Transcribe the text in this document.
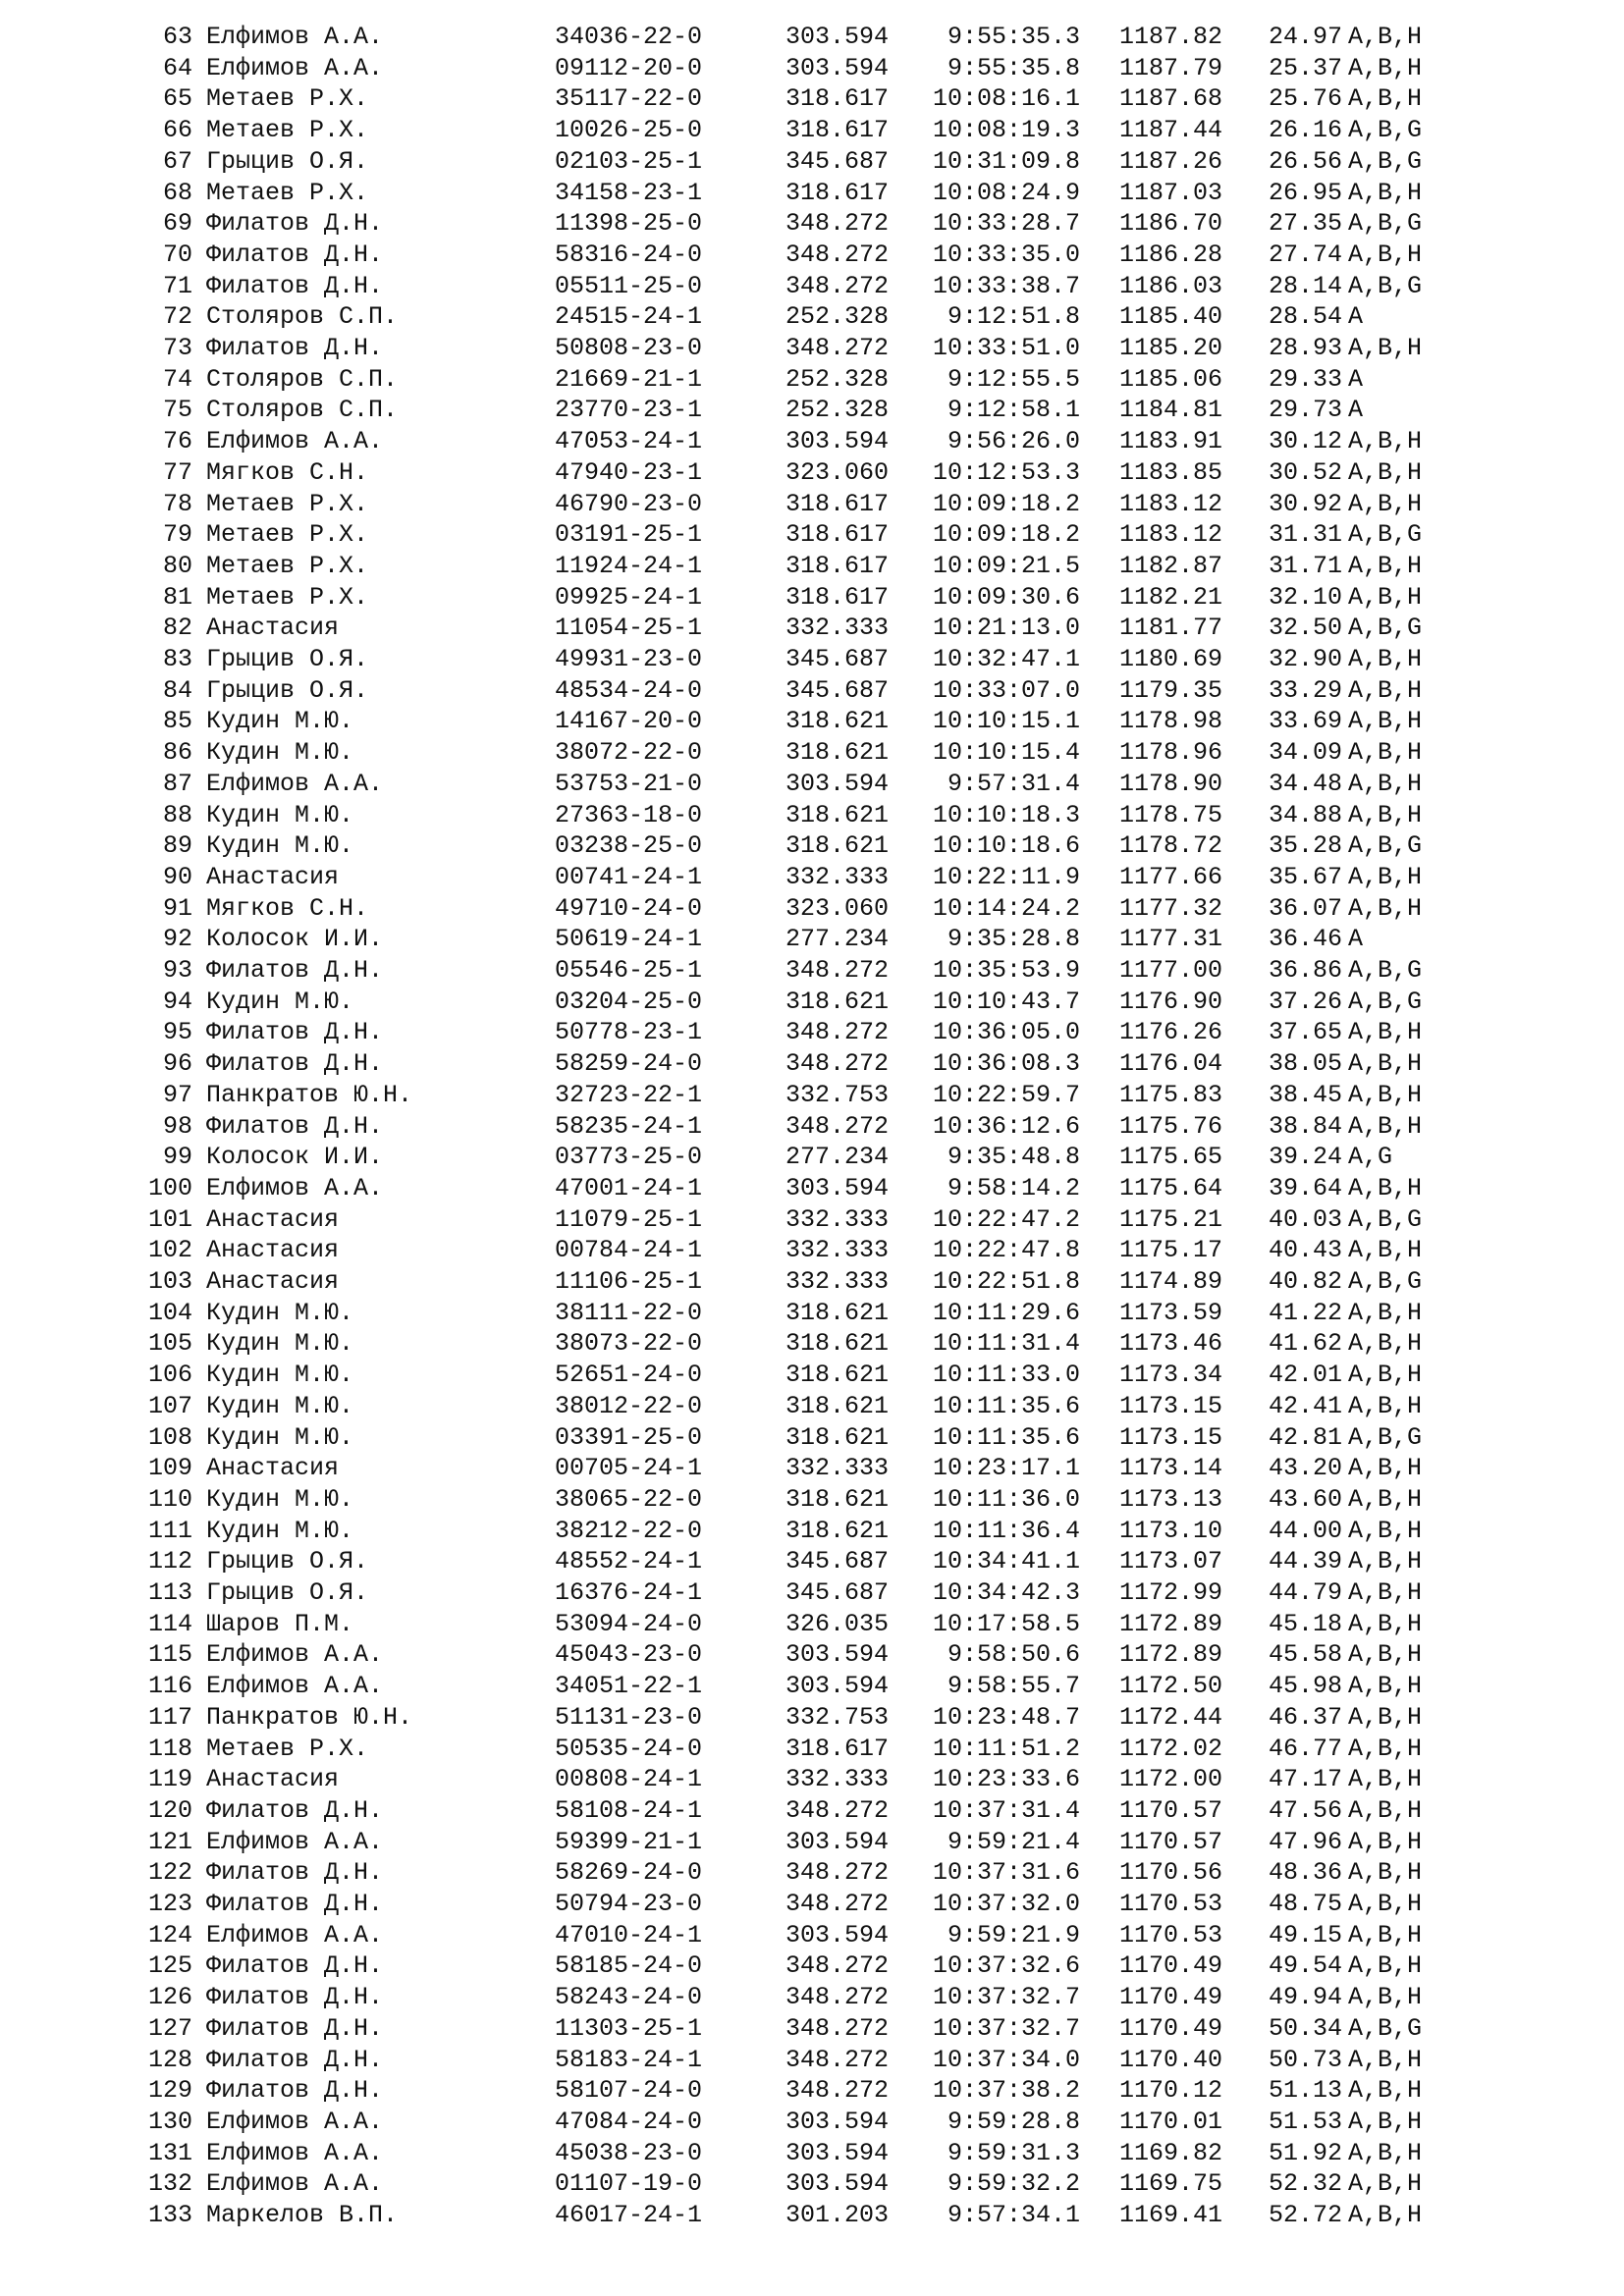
63 Елфимов А.А.	34036-22-0	303.594	9:55:35.3 1187.82 24.97 A,B,H
64 Елфимов А.А.	09112-20-0	303.594	9:55:35.8 1187.79 25.37 A,B,H
65 Метаев Р.Х.	35117-22-0	318.617	10:08:16.1 1187.68 25.76 A,B,H
66 Метаев Р.Х.	10026-25-0	318.617	10:08:19.3 1187.44 26.16 A,B,G
67 Грыцив О.Я.	02103-25-1	345.687	10:31:09.8 1187.26 26.56 A,B,G
68 Метаев Р.Х.	34158-23-1	318.617	10:08:24.9 1187.03 26.95 A,B,H
69 Филатов Д.Н.	11398-25-0	348.272	10:33:28.7 1186.70 27.35 A,B,G
70 Филатов Д.Н.	58316-24-0	348.272	10:33:35.0 1186.28 27.74 A,B,H
71 Филатов Д.Н.	05511-25-0	348.272	10:33:38.7 1186.03 28.14 A,B,G
72 Столяров С.П.	24515-24-1	252.328	9:12:51.8 1185.40 28.54 A
73 Филатов Д.Н.	50808-23-0	348.272	10:33:51.0 1185.20 28.93 A,B,H
74 Столяров С.П.	21669-21-1	252.328	9:12:55.5 1185.06 29.33 A
75 Столяров С.П.	23770-23-1	252.328	9:12:58.1 1184.81 29.73 A
76 Елфимов А.А.	47053-24-1	303.594	9:56:26.0 1183.91 30.12 A,B,H
77 Мягков С.Н.	47940-23-1	323.060	10:12:53.3 1183.85 30.52 A,B,H
78 Метаев Р.Х.	46790-23-0	318.617	10:09:18.2 1183.12 30.92 A,B,H
79 Метаев Р.Х.	03191-25-1	318.617	10:09:18.2 1183.12 31.31 A,B,G
80 Метаев Р.Х.	11924-24-1	318.617	10:09:21.5 1182.87 31.71 A,B,H
81 Метаев Р.Х.	09925-24-1	318.617	10:09:30.6 1182.21 32.10 A,B,H
82 Анастасия	11054-25-1	332.333	10:21:13.0 1181.77 32.50 A,B,G
83 Грыцив О.Я.	49931-23-0	345.687	10:32:47.1 1180.69 32.90 A,B,H
84 Грыцив О.Я.	48534-24-0	345.687	10:33:07.0 1179.35 33.29 A,B,H
85 Кудин М.Ю.	14167-20-0	318.621	10:10:15.1 1178.98 33.69 A,B,H
86 Кудин М.Ю.	38072-22-0	318.621	10:10:15.4 1178.96 34.09 A,B,H
87 Елфимов А.А.	53753-21-0	303.594	9:57:31.4 1178.90 34.48 A,B,H
88 Кудин М.Ю.	27363-18-0	318.621	10:10:18.3 1178.75 34.88 A,B,H
89 Кудин М.Ю.	03238-25-0	318.621	10:10:18.6 1178.72 35.28 A,B,G
90 Анастасия	00741-24-1	332.333	10:22:11.9 1177.66 35.67 A,B,H
91 Мягков С.Н.	49710-24-0	323.060	10:14:24.2 1177.32 36.07 A,B,H
92 Колосок И.И.	50619-24-1	277.234	9:35:28.8 1177.31 36.46 A
93 Филатов Д.Н.	05546-25-1	348.272	10:35:53.9 1177.00 36.86 A,B,G
94 Кудин М.Ю.	03204-25-0	318.621	10:10:43.7 1176.90 37.26 A,B,G
95 Филатов Д.Н.	50778-23-1	348.272	10:36:05.0 1176.26 37.65 A,B,H
96 Филатов Д.Н.	58259-24-0	348.272	10:36:08.3 1176.04 38.05 A,B,H
97 Панкратов Ю.Н.	32723-22-1	332.753	10:22:59.7 1175.83 38.45 A,B,H
98 Филатов Д.Н.	58235-24-1	348.272	10:36:12.6 1175.76 38.84 A,B,H
99 Колосок И.И.	03773-25-0	277.234	9:35:48.8 1175.65 39.24 A,G
100 Елфимов А.А.	47001-24-1	303.594	9:58:14.2 1175.64 39.64 A,B,H
101 Анастасия	11079-25-1	332.333	10:22:47.2 1175.21 40.03 A,B,G
102 Анастасия	00784-24-1	332.333	10:22:47.8 1175.17 40.43 A,B,H
103 Анастасия	11106-25-1	332.333	10:22:51.8 1174.89 40.82 A,B,G
104 Кудин М.Ю.	38111-22-0	318.621	10:11:29.6 1173.59 41.22 A,B,H
105 Кудин М.Ю.	38073-22-0	318.621	10:11:31.4 1173.46 41.62 A,B,H
106 Кудин М.Ю.	52651-24-0	318.621	10:11:33.0 1173.34 42.01 A,B,H
107 Кудин М.Ю.	38012-22-0	318.621	10:11:35.6 1173.15 42.41 A,B,H
108 Кудин М.Ю.	03391-25-0	318.621	10:11:35.6 1173.15 42.81 A,B,G
109 Анастасия	00705-24-1	332.333	10:23:17.1 1173.14 43.20 A,B,H
110 Кудин М.Ю.	38065-22-0	318.621	10:11:36.0 1173.13 43.60 A,B,H
111 Кудин М.Ю.	38212-22-0	318.621	10:11:36.4 1173.10 44.00 A,B,H
112 Грыцив О.Я.	48552-24-1	345.687	10:34:41.1 1173.07 44.39 A,B,H
113 Грыцив О.Я.	16376-24-1	345.687	10:34:42.3 1172.99 44.79 A,B,H
114 Шаров П.М.	53094-24-0	326.035	10:17:58.5 1172.89 45.18 A,B,H
115 Елфимов А.А.	45043-23-0	303.594	9:58:50.6 1172.89 45.58 A,B,H
116 Елфимов А.А.	34051-22-1	303.594	9:58:55.7 1172.50 45.98 A,B,H
117 Панкратов Ю.Н.	51131-23-0	332.753	10:23:48.7 1172.44 46.37 A,B,H
118 Метаев Р.Х.	50535-24-0	318.617	10:11:51.2 1172.02 46.77 A,B,H
119 Анастасия	00808-24-1	332.333	10:23:33.6 1172.00 47.17 A,B,H
120 Филатов Д.Н.	58108-24-1	348.272	10:37:31.4 1170.57 47.56 A,B,H
121 Елфимов А.А.	59399-21-1	303.594	9:59:21.4 1170.57 47.96 A,B,H
122 Филатов Д.Н.	58269-24-0	348.272	10:37:31.6 1170.56 48.36 A,B,H
123 Филатов Д.Н.	50794-23-0	348.272	10:37:32.0 1170.53 48.75 A,B,H
124 Елфимов А.А.	47010-24-1	303.594	9:59:21.9 1170.53 49.15 A,B,H
125 Филатов Д.Н.	58185-24-0	348.272	10:37:32.6 1170.49 49.54 A,B,H
126 Филатов Д.Н.	58243-24-0	348.272	10:37:32.7 1170.49 49.94 A,B,H
127 Филатов Д.Н.	11303-25-1	348.272	10:37:32.7 1170.49 50.34 A,B,G
128 Филатов Д.Н.	58183-24-1	348.272	10:37:34.0 1170.40 50.73 A,B,H
129 Филатов Д.Н.	58107-24-0	348.272	10:37:38.2 1170.12 51.13 A,B,H
130 Елфимов А.А.	47084-24-0	303.594	9:59:28.8 1170.01 51.53 A,B,H
131 Елфимов А.А.	45038-23-0	303.594	9:59:31.3 1169.82 51.92 A,B,H
132 Елфимов А.А.	01107-19-0	303.594	9:59:32.2 1169.75 52.32 A,B,H
133 Маркелов В.П.	46017-24-1	301.203	9:57:34.1 1169.41 52.72 A,B,H
